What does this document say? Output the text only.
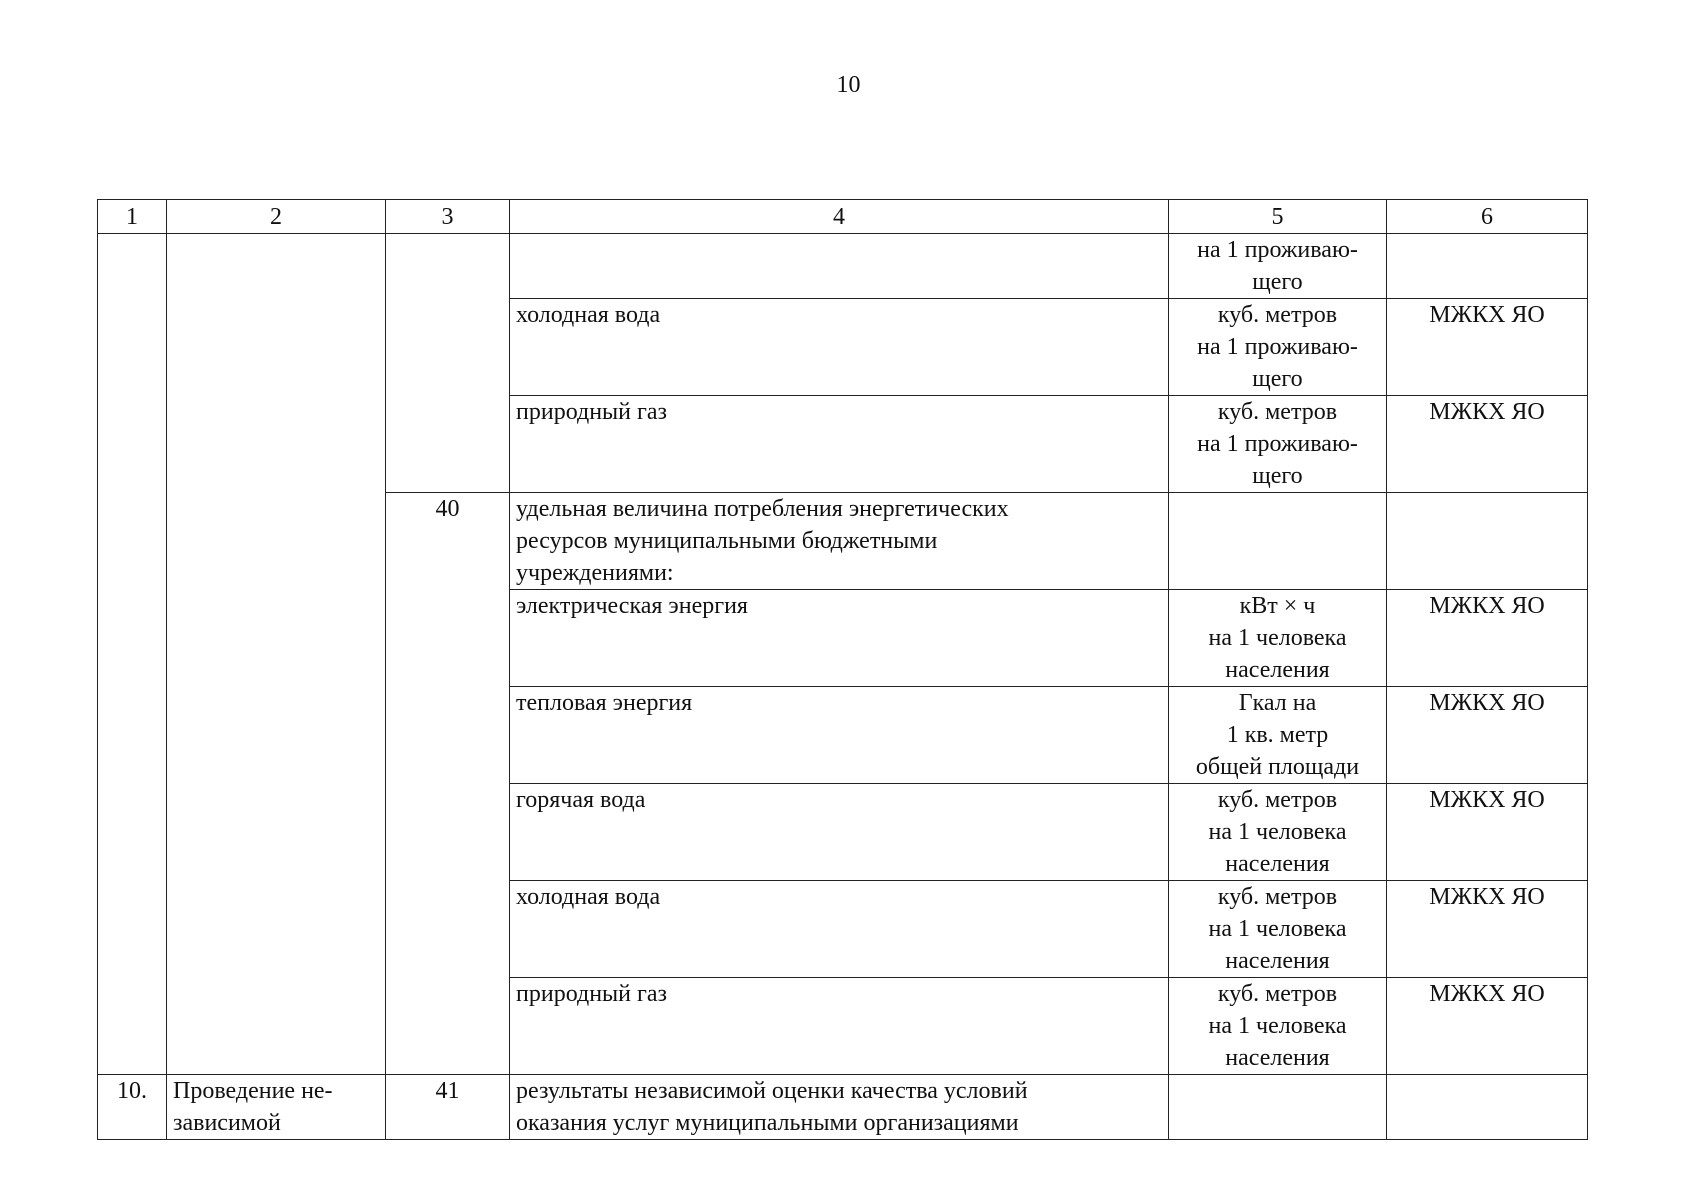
10
1	2	3	4	5	6

				на 1 проживаю-
щего	

			холодная вода	куб. метров
на 1 проживаю-
щего	МЖКХ ЯО
			природный газ	куб. метров
на 1 проживаю-
щего	МЖКХ ЯО
		40	удельная величина потребления энергетических
ресурсов муниципальными бюджетными
учреждениями:		

			электрическая энергия	кВт × ч
на 1 человека
населения	МЖКХ ЯО
			тепловая энергия	Гкал на
1 кв. метр
общей площади	МЖКХ ЯО
			горячая вода	куб. метров
на 1 человека
населения	МЖКХ ЯО
			холодная вода	куб. метров
на 1 человека
населения	МЖКХ ЯО
			природный газ	куб. метров
на 1 человека
населения	МЖКХ ЯО
10.	Проведение не-
зависимой	41	результаты независимой оценки качества условий
оказания услуг муниципальными организациями		
